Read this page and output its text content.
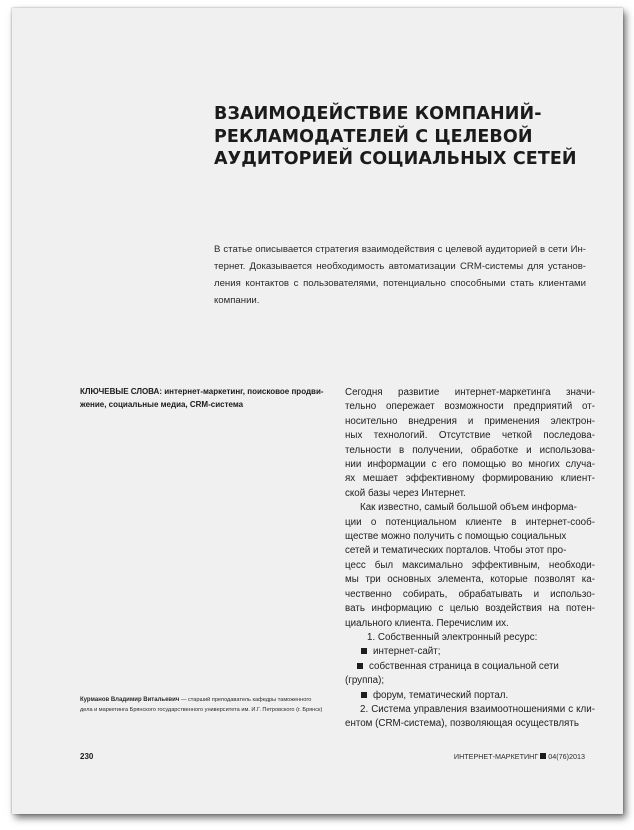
ВЗАИМОДЕЙСТВИЕ КОМПАНИЙ-
РЕКЛАМОДАТЕЛЕЙ С ЦЕЛЕВОЙ
АУДИТОРИЕЙ СОЦИАЛЬНЫХ СЕТЕЙ

В статье описывается стратегия взаимодействия с целевой аудиторией в сети Ин-
тернет. Доказывается необходимость автоматизации CRM-системы для установ-
ления контактов с пользователями, потенциально способными стать клиентами
компании.

КЛЮЧЕВЫЕ СЛОВА: интернет-маркетинг, поисковое продви-
жение, социальные медиа, CRM-система

Курманов Владимир Витальевич — старший преподаватель кафедры таможенного
дела и маркетинга Брянского государственного университета им. И.Г. Петровского (г. Брянск)

Сегодня развитие интернет-маркетинга значи-
тельно опережает возможности предприятий от-
носительно внедрения и применения электрон-
ных технологий. Отсутствие четкой последова-
тельности в получении, обработке и использова-
нии информации с его помощью во многих случа-
ях мешает эффективному формированию клиент-
ской базы через Интернет.
Как известно, самый большой объем информа-
ции о потенциальном клиенте в интернет-сооб-
ществе можно получить с помощью социальных
сетей и тематических порталов. Чтобы этот про-
цесс был максимально эффективным, необходи-
мы три основных элемента, которые позволят ка-
чественно собирать, обрабатывать и использо-
вать информацию с целью воздействия на потен-
циального клиента. Перечислим их.
1. Собственный электронный ресурс:
интернет-сайт;
собственная страница в социальной сети
(группа);
форум, тематический портал.
2. Система управления взаимоотношениями с кли-
ентом (CRM-система), позволяющая осуществлять

230	ИНТЕРНЕТ-МАРКЕТИНГ 04(76)2013
